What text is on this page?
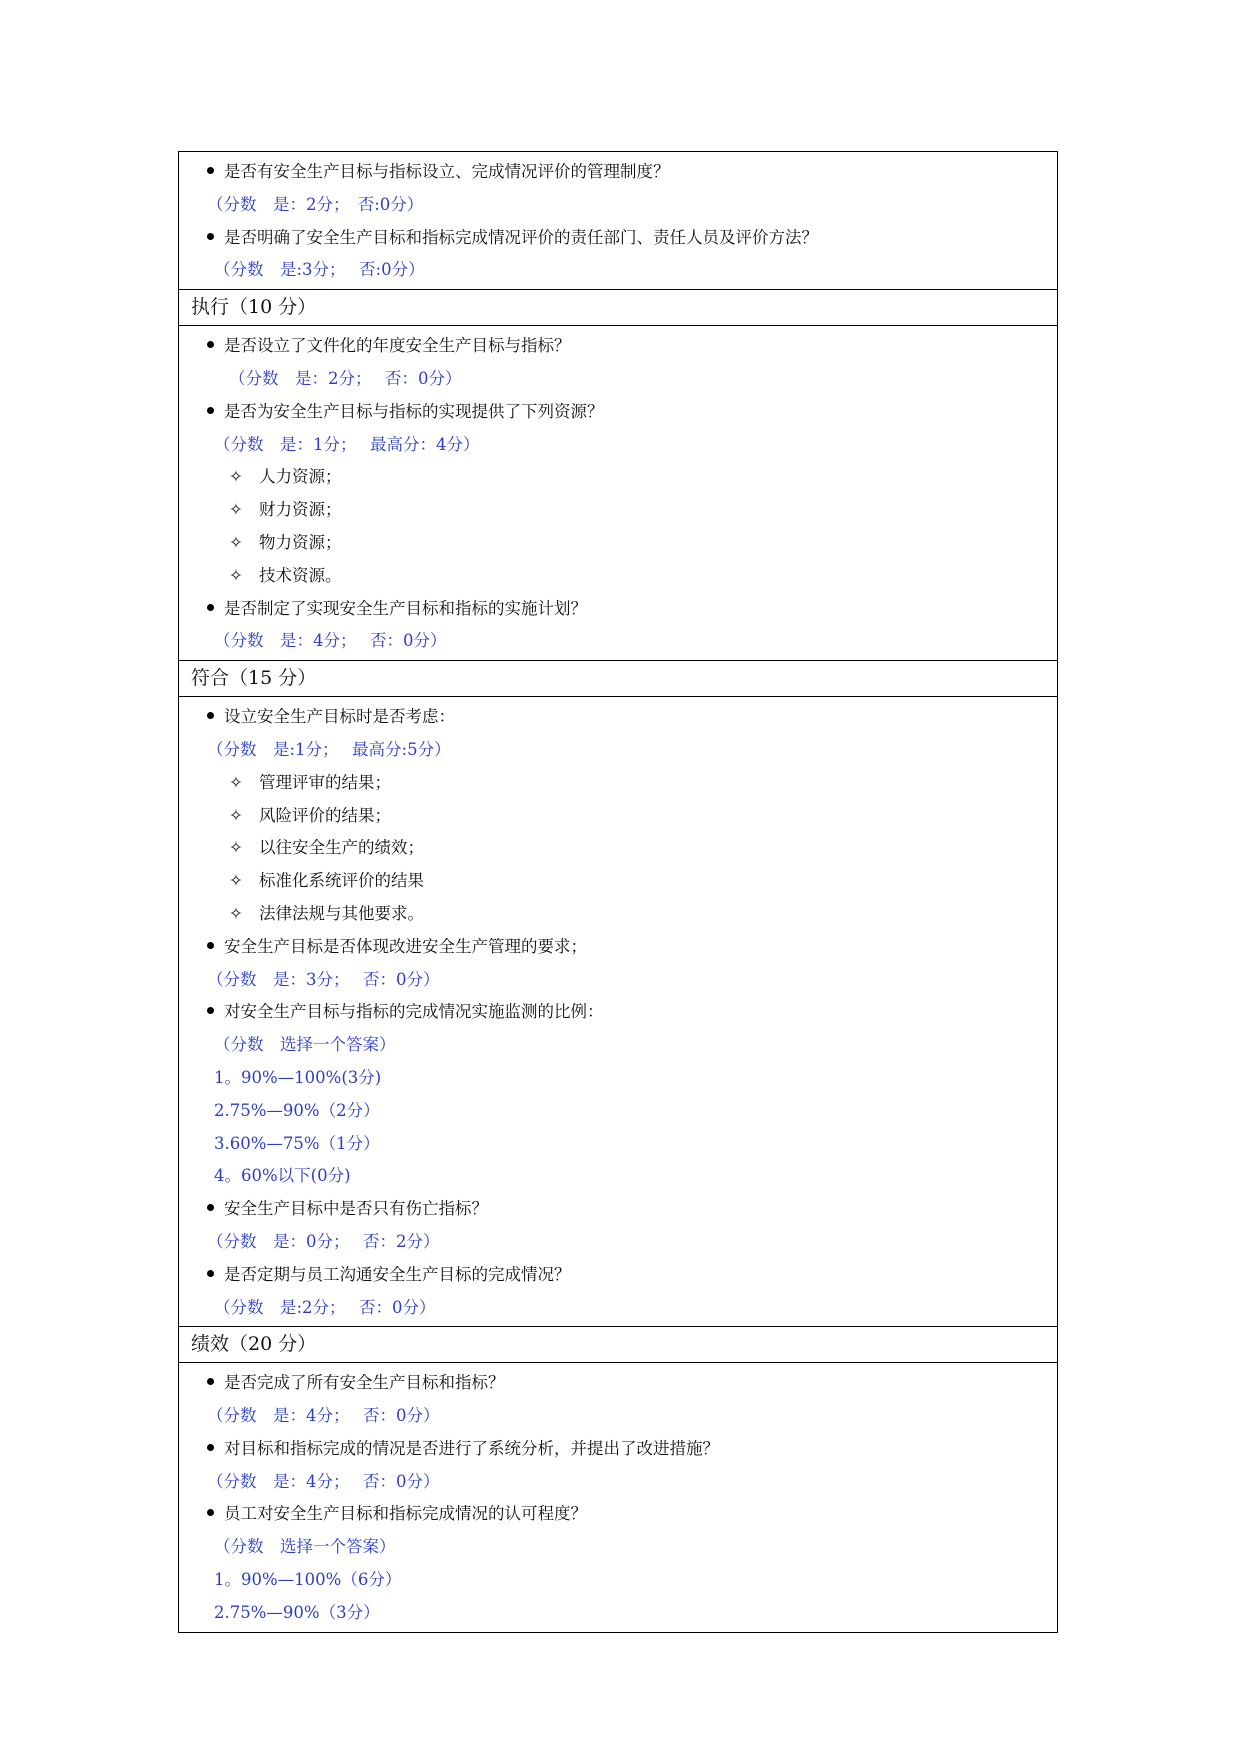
是否有安全生产目标与指标设立、完成情况评价的管理制度？
（分数　是：2分；　否:0分）
是否明确了安全生产目标和指标完成情况评价的责任部门、责任人员及评价方法？
（分数　是:3分；　 否:0分）
执行（10 分）
是否设立了文件化的年度安全生产目标与指标？
（分数　是：2分；　 否：0分）
是否为安全生产目标与指标的实现提供了下列资源？
（分数　是：1分；　 最高分：4分）
✧ 人力资源；
✧ 财力资源；
✧ 物力资源；
✧ 技术资源。
是否制定了实现安全生产目标和指标的实施计划？
（分数　是：4分；　 否：0分）
符合（15 分）
设立安全生产目标时是否考虑：
（分数　是:1分；　 最高分:5分）
✧ 管理评审的结果；
✧ 风险评价的结果；
✧ 以往安全生产的绩效；
✧ 标准化系统评价的结果
✧ 法律法规与其他要求。
安全生产目标是否体现改进安全生产管理的要求；
（分数　是：3分；　 否：0分）
对安全生产目标与指标的完成情况实施监测的比例：
（分数　选择一个答案）
1。90%—100%(3分)
2.75%—90%（2分）
3.60%—75%（1分）
4。60%以下(0分)
安全生产目标中是否只有伤亡指标？
（分数　是：0分；　 否：2分）
是否定期与员工沟通安全生产目标的完成情况？
（分数　是:2分；　 否：0分）
绩效（20 分）
是否完成了所有安全生产目标和指标？
（分数　是：4分；　 否：0分）
对目标和指标完成的情况是否进行了系统分析，并提出了改进措施？
（分数　是：4分；　 否：0分）
员工对安全生产目标和指标完成情况的认可程度？
（分数　选择一个答案）
1。90%—100%（6分）
2.75%—90%（3分）
